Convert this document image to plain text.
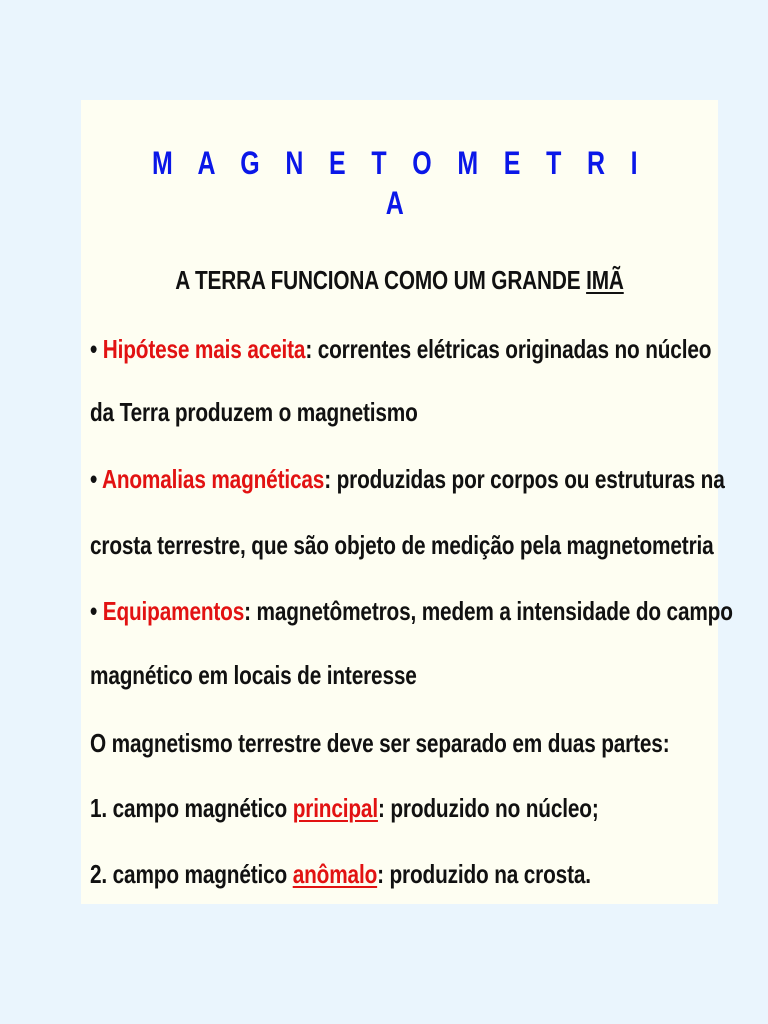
M A G N E T O M E T R I A
A TERRA FUNCIONA COMO UM GRANDE IMÃ
• Hipótese mais aceita: correntes elétricas originadas no núcleo
da Terra produzem o magnetismo
• Anomalias magnéticas: produzidas por corpos ou estruturas na
crosta terrestre, que são objeto de medição pela magnetometria
• Equipamentos: magnetômetros, medem a intensidade do campo
magnético em locais de interesse
O magnetismo terrestre deve ser separado em duas partes:
1. campo magnético principal: produzido no núcleo;
2. campo magnético anômalo: produzido na crosta.
